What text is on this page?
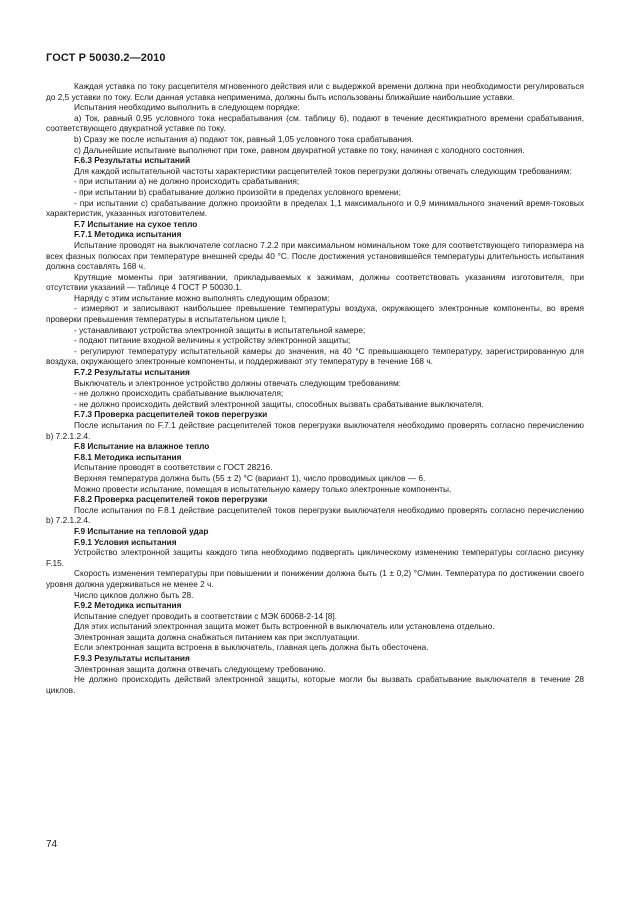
ГОСТ Р 50030.2—2010

Каждая уставка по току расцепителя мгновенного действия или с выдержкой времени должна при необходимости регулироваться до 2,5 уставки по току. Если данная уставка неприменима, должны быть использованы ближайшие наибольшие уставки.

Испытания необходимо выполнить в следующем порядке:

а) Ток, равный 0,95 условного тока несрабатывания (см. таблицу 6), подают в течение десятикратного времени срабатывания, соответствующего двукратной уставке по току.

b) Сразу же после испытания а) подают ток, равный 1,05 условного тока срабатывания.

с) Дальнейшие испытание выполняют при токе, равном двукратной уставке по току, начиная с холодного состояния.

F.6.3 Результаты испытаний

Для каждой испытательной частоты характеристики расцепителей токов перегрузки должны отвечать следующим требованиям:

- при испытании а) не должно происходить срабатывания;

- при испытании b) срабатывание должно произойти в пределах условного времени;

- при испытании с) срабатывание должно произойти в пределах 1,1 максимального и 0,9 минимального значений время-токовых характеристик, указанных изготовителем.

F.7 Испытание на сухое тепло

F.7.1 Методика испытания

Испытание проводят на выключателе согласно 7.2.2 при максимальном номинальном токе для соответствующего типоразмера на всех фазных полюсах при температуре внешней среды 40 °С. После достижения установившейся температуры длительность испытания должна составлять 168 ч.

Крутящие моменты при затягивании, прикладываемых к зажимам, должны соответствовать указаниям изготовителя, при отсутствии указаний — таблице 4 ГОСТ Р 50030.1.

Наряду с этим испытание можно выполнять следующим образом:

- измеряют и записывают наибольшее превышение температуры воздуха, окружающего электронные компоненты, во время проверки превышения температуры в испытательном цикле I;

- устанавливают устройства электронной защиты в испытательной камере;

- подают питание входной величины к устройству электронной защиты;

- регулируют температуру испытательной камеры до значения, на 40 °С превышающего температуру, зарегистрированную для воздуха, окружающего электронные компоненты, и поддерживают эту температуру в течение 168 ч.

F.7.2 Результаты испытания

Выключатель и электронное устройство должны отвечать следующим требованиям:

- не должно происходить срабатывание выключателя;

- не должно происходить действий электронной защиты, способных вызвать срабатывание выключателя.

F.7.3 Проверка расцепителей токов перегрузки

После испытания по F.7.1 действие расцепителей токов перегрузки выключателя необходимо проверять согласно перечислению b) 7.2.1.2.4.

F.8 Испытание на влажное тепло

F.8.1 Методика испытания

Испытание проводят в соответствии с ГОСТ 28216.

Верхняя температура должна быть (55 ± 2) °С (вариант 1), число проводимых циклов — 6.

Можно провести испытание, помещая в испытательную камеру только электронные компоненты.

F.8.2 Проверка расцепителей токов перегрузки

После испытания по F.8.1 действие расцепителей токов перегрузки выключателя необходимо проверять согласно перечислению b) 7.2.1.2.4.

F.9 Испытание на тепловой удар

F.9.1 Условия испытания

Устройство электронной защиты каждого типа необходимо подвергать циклическому изменению температуры согласно рисунку F.15.

Скорость изменения температуры при повышении и понижении должна быть (1 ± 0,2) °С/мин. Температура по достижении своего уровня должна удерживаться не менее 2 ч.

Число циклов должно быть 28.

F.9.2 Методика испытания

Испытание следует проводить в соответствии с МЭК 60068-2-14 [8].

Для этих испытаний электронная защита может быть встроенной в выключатель или установлена отдельно.

Электронная защита должна снабжаться питанием как при эксплуатации.

Если электронная защита встроена в выключатель, главная цепь должна быть обесточена.

F.9.3 Результаты испытания

Электронная защита должна отвечать следующему требованию.

Не должно происходить действий электронной защиты, которые могли бы вызвать срабатывание выключателя в течение 28 циклов.

74
